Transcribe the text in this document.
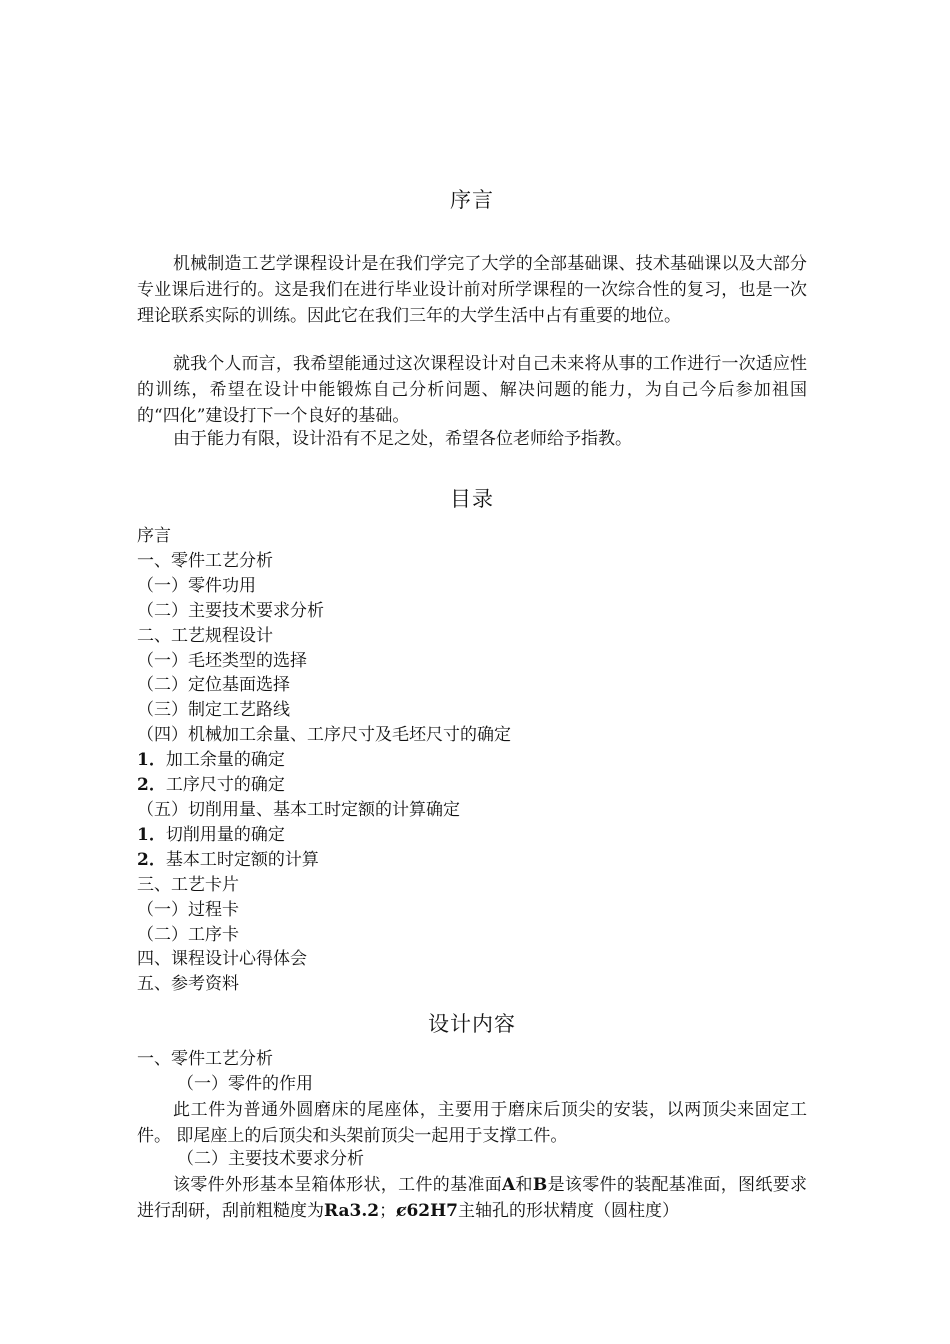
序言

机械制造工艺学课程设计是在我们学完了大学的全部基础课、技术基础课以及大部分专业课后进行的。这是我们在进行毕业设计前对所学课程的一次综合性的复习，也是一次理论联系实际的训练。因此它在我们三年的大学生活中占有重要的地位。

就我个人而言，我希望能通过这次课程设计对自己未来将从事的工作进行一次适应性的训练，希望在设计中能锻炼自己分析问题、解决问题的能力，为自己今后参加祖国的“四化”建设打下一个良好的基础。

由于能力有限，设计沿有不足之处，希望各位老师给予指教。

目录
序言
一、零件工艺分析
（一）零件功用
（二）主要技术要求分析
二、工艺规程设计
（一）毛坯类型的选择
（二）定位基面选择
（三）制定工艺路线
（四）机械加工余量、工序尺寸及毛坯尺寸的确定
1．加工余量的确定
2．工序尺寸的确定
（五）切削用量、基本工时定额的计算确定
1．切削用量的确定
2．基本工时定额的计算
三、工艺卡片
（一）过程卡
（二）工序卡
四、课程设计心得体会
五、参考资料
设计内容
一、零件工艺分析
（一）零件的作用

此工件为普通外圆磨床的尾座体，主要用于磨床后顶尖的安装，以两顶尖来固定工件。 即尾座上的后顶尖和头架前顶尖一起用于支撑工件。

（二）主要技术要求分析

该零件外形基本呈箱体形状，工件的基准面A和B是该零件的装配基准面，图纸要求进行刮研，刮前粗糙度为Ra3.2；ȼ62H7主轴孔的形状精度（圆柱度）
